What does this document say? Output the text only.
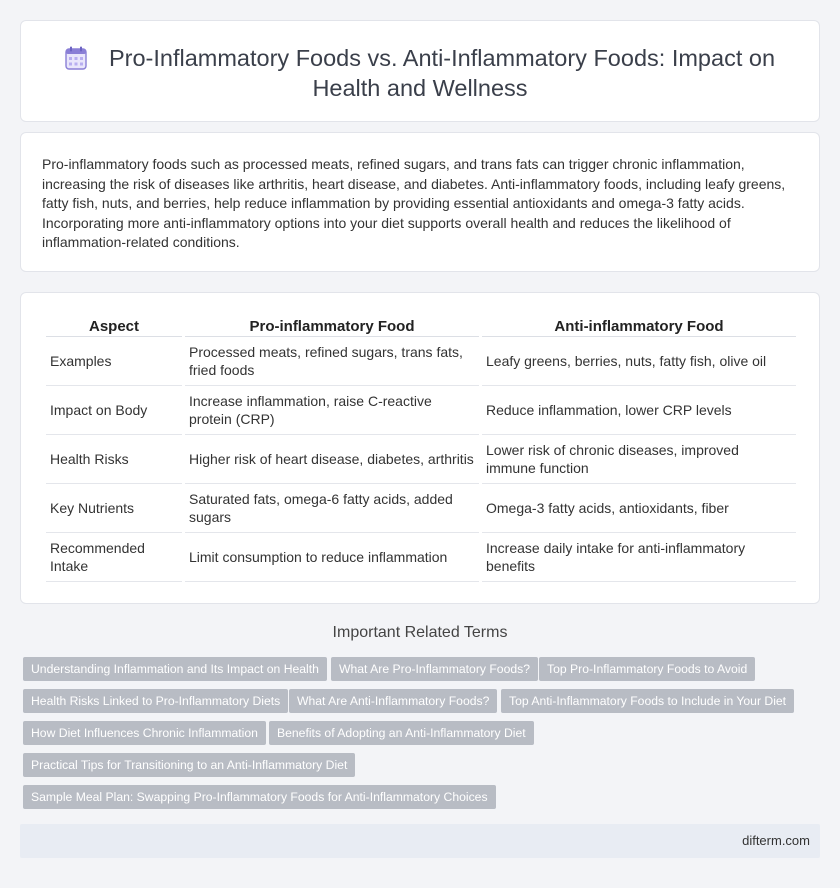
Pro-Inflammatory Foods vs. Anti-Inflammatory Foods: Impact on Health and Wellness

Pro-inflammatory foods such as processed meats, refined sugars, and trans fats can trigger chronic inflammation, increasing the risk of diseases like arthritis, heart disease, and diabetes. Anti-inflammatory foods, including leafy greens, fatty fish, nuts, and berries, help reduce inflammation by providing essential antioxidants and omega-3 fatty acids. Incorporating more anti-inflammatory options into your diet supports overall health and reduces the likelihood of inflammation-related conditions.

Aspect	Pro-inflammatory Food	Anti-inflammatory Food
Examples	Processed meats, refined sugars, trans fats, fried foods	Leafy greens, berries, nuts, fatty fish, olive oil
Impact on Body	Increase inflammation, raise C-reactive protein (CRP)	Reduce inflammation, lower CRP levels
Health Risks	Higher risk of heart disease, diabetes, arthritis	Lower risk of chronic diseases, improved immune function
Key Nutrients	Saturated fats, omega-6 fatty acids, added sugars	Omega-3 fatty acids, antioxidants, fiber
Recommended Intake	Limit consumption to reduce inflammation	Increase daily intake for anti-inflammatory benefits
Important Related Terms
Understanding Inflammation and Its Impact on Health	What Are Pro-Inflammatory Foods?	Top Pro-Inflammatory Foods to Avoid
Health Risks Linked to Pro-Inflammatory Diets	What Are Anti-Inflammatory Foods?	Top Anti-Inflammatory Foods to Include in Your Diet
How Diet Influences Chronic Inflammation	Benefits of Adopting an Anti-Inflammatory Diet
Practical Tips for Transitioning to an Anti-Inflammatory Diet
Sample Meal Plan: Swapping Pro-Inflammatory Foods for Anti-Inflammatory Choices
difterm.com
